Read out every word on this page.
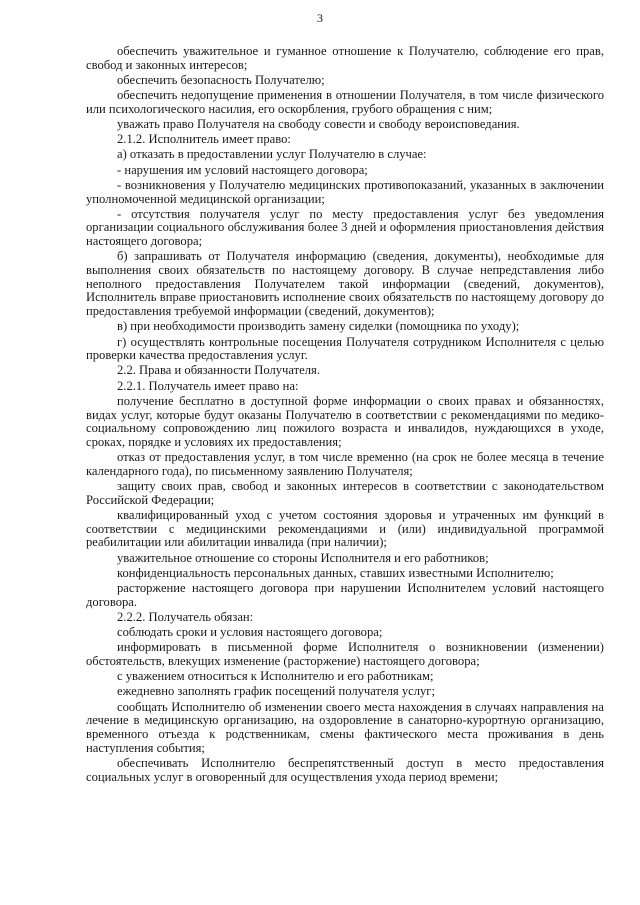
3

обеспечить уважительное и гуманное отношение к Получателю, соблюдение его прав, свобод и законных интересов;

обеспечить безопасность Получателю;

обеспечить недопущение применения в отношении Получателя, в том числе физического или психологического насилия, его оскорбления, грубого обращения с ним;

уважать право Получателя на свободу совести и свободу вероисповедания.

2.1.2. Исполнитель имеет право:

а) отказать в предоставлении услуг Получателю в случае:

- нарушения им условий настоящего договора;

- возникновения у Получателю медицинских противопоказаний, указанных в заключении уполномоченной медицинской организации;

- отсутствия получателя услуг по месту предоставления услуг без уведомления организации социального обслуживания более 3 дней и оформления приостановления действия настоящего договора;

б) запрашивать от Получателя информацию (сведения, документы), необходимые для выполнения своих обязательств по настоящему договору. В случае непредставления либо неполного предоставления Получателем такой информации (сведений, документов), Исполнитель вправе приостановить исполнение своих обязательств по настоящему договору до предоставления требуемой информации (сведений, документов);

в) при необходимости производить замену сиделки (помощника по уходу);

г) осуществлять контрольные посещения Получателя сотрудником Исполнителя с целью проверки качества предоставления услуг.

2.2. Права и обязанности Получателя.

2.2.1. Получатель имеет право на:

получение бесплатно в доступной форме информации о своих правах и обязанностях, видах услуг, которые будут оказаны Получателю в соответствии с рекомендациями по медико-социальному сопровождению лиц пожилого возраста и инвалидов, нуждающихся в уходе, сроках, порядке и условиях их предоставления;

отказ от предоставления услуг, в том числе временно (на срок не более месяца в течение календарного года), по письменному заявлению Получателя;

защиту своих прав, свобод и законных интересов в соответствии с законодательством Российской Федерации;

квалифицированный уход с учетом состояния здоровья и утраченных им функций в соответствии с медицинскими рекомендациями и (или) индивидуальной программой реабилитации или абилитации инвалида (при наличии);

уважительное отношение со стороны Исполнителя и его работников;

конфиденциальность персональных данных, ставших известными Исполнителю;

расторжение настоящего договора при нарушении Исполнителем условий настоящего договора.

2.2.2. Получатель обязан:

соблюдать сроки и условия настоящего договора;

информировать в письменной форме Исполнителя о возникновении (изменении) обстоятельств, влекущих изменение (расторжение) настоящего договора;

с уважением относиться к Исполнителю и его работникам;

ежедневно заполнять график посещений получателя услуг;

сообщать Исполнителю об изменении своего места нахождения в случаях направления на лечение в медицинскую организацию, на оздоровление в санаторно-курортную организацию, временного отъезда к родственникам, смены фактического места проживания в день наступления события;

обеспечивать Исполнителю беспрепятственный доступ в место предоставления социальных услуг в оговоренный для осуществления ухода период времени;
